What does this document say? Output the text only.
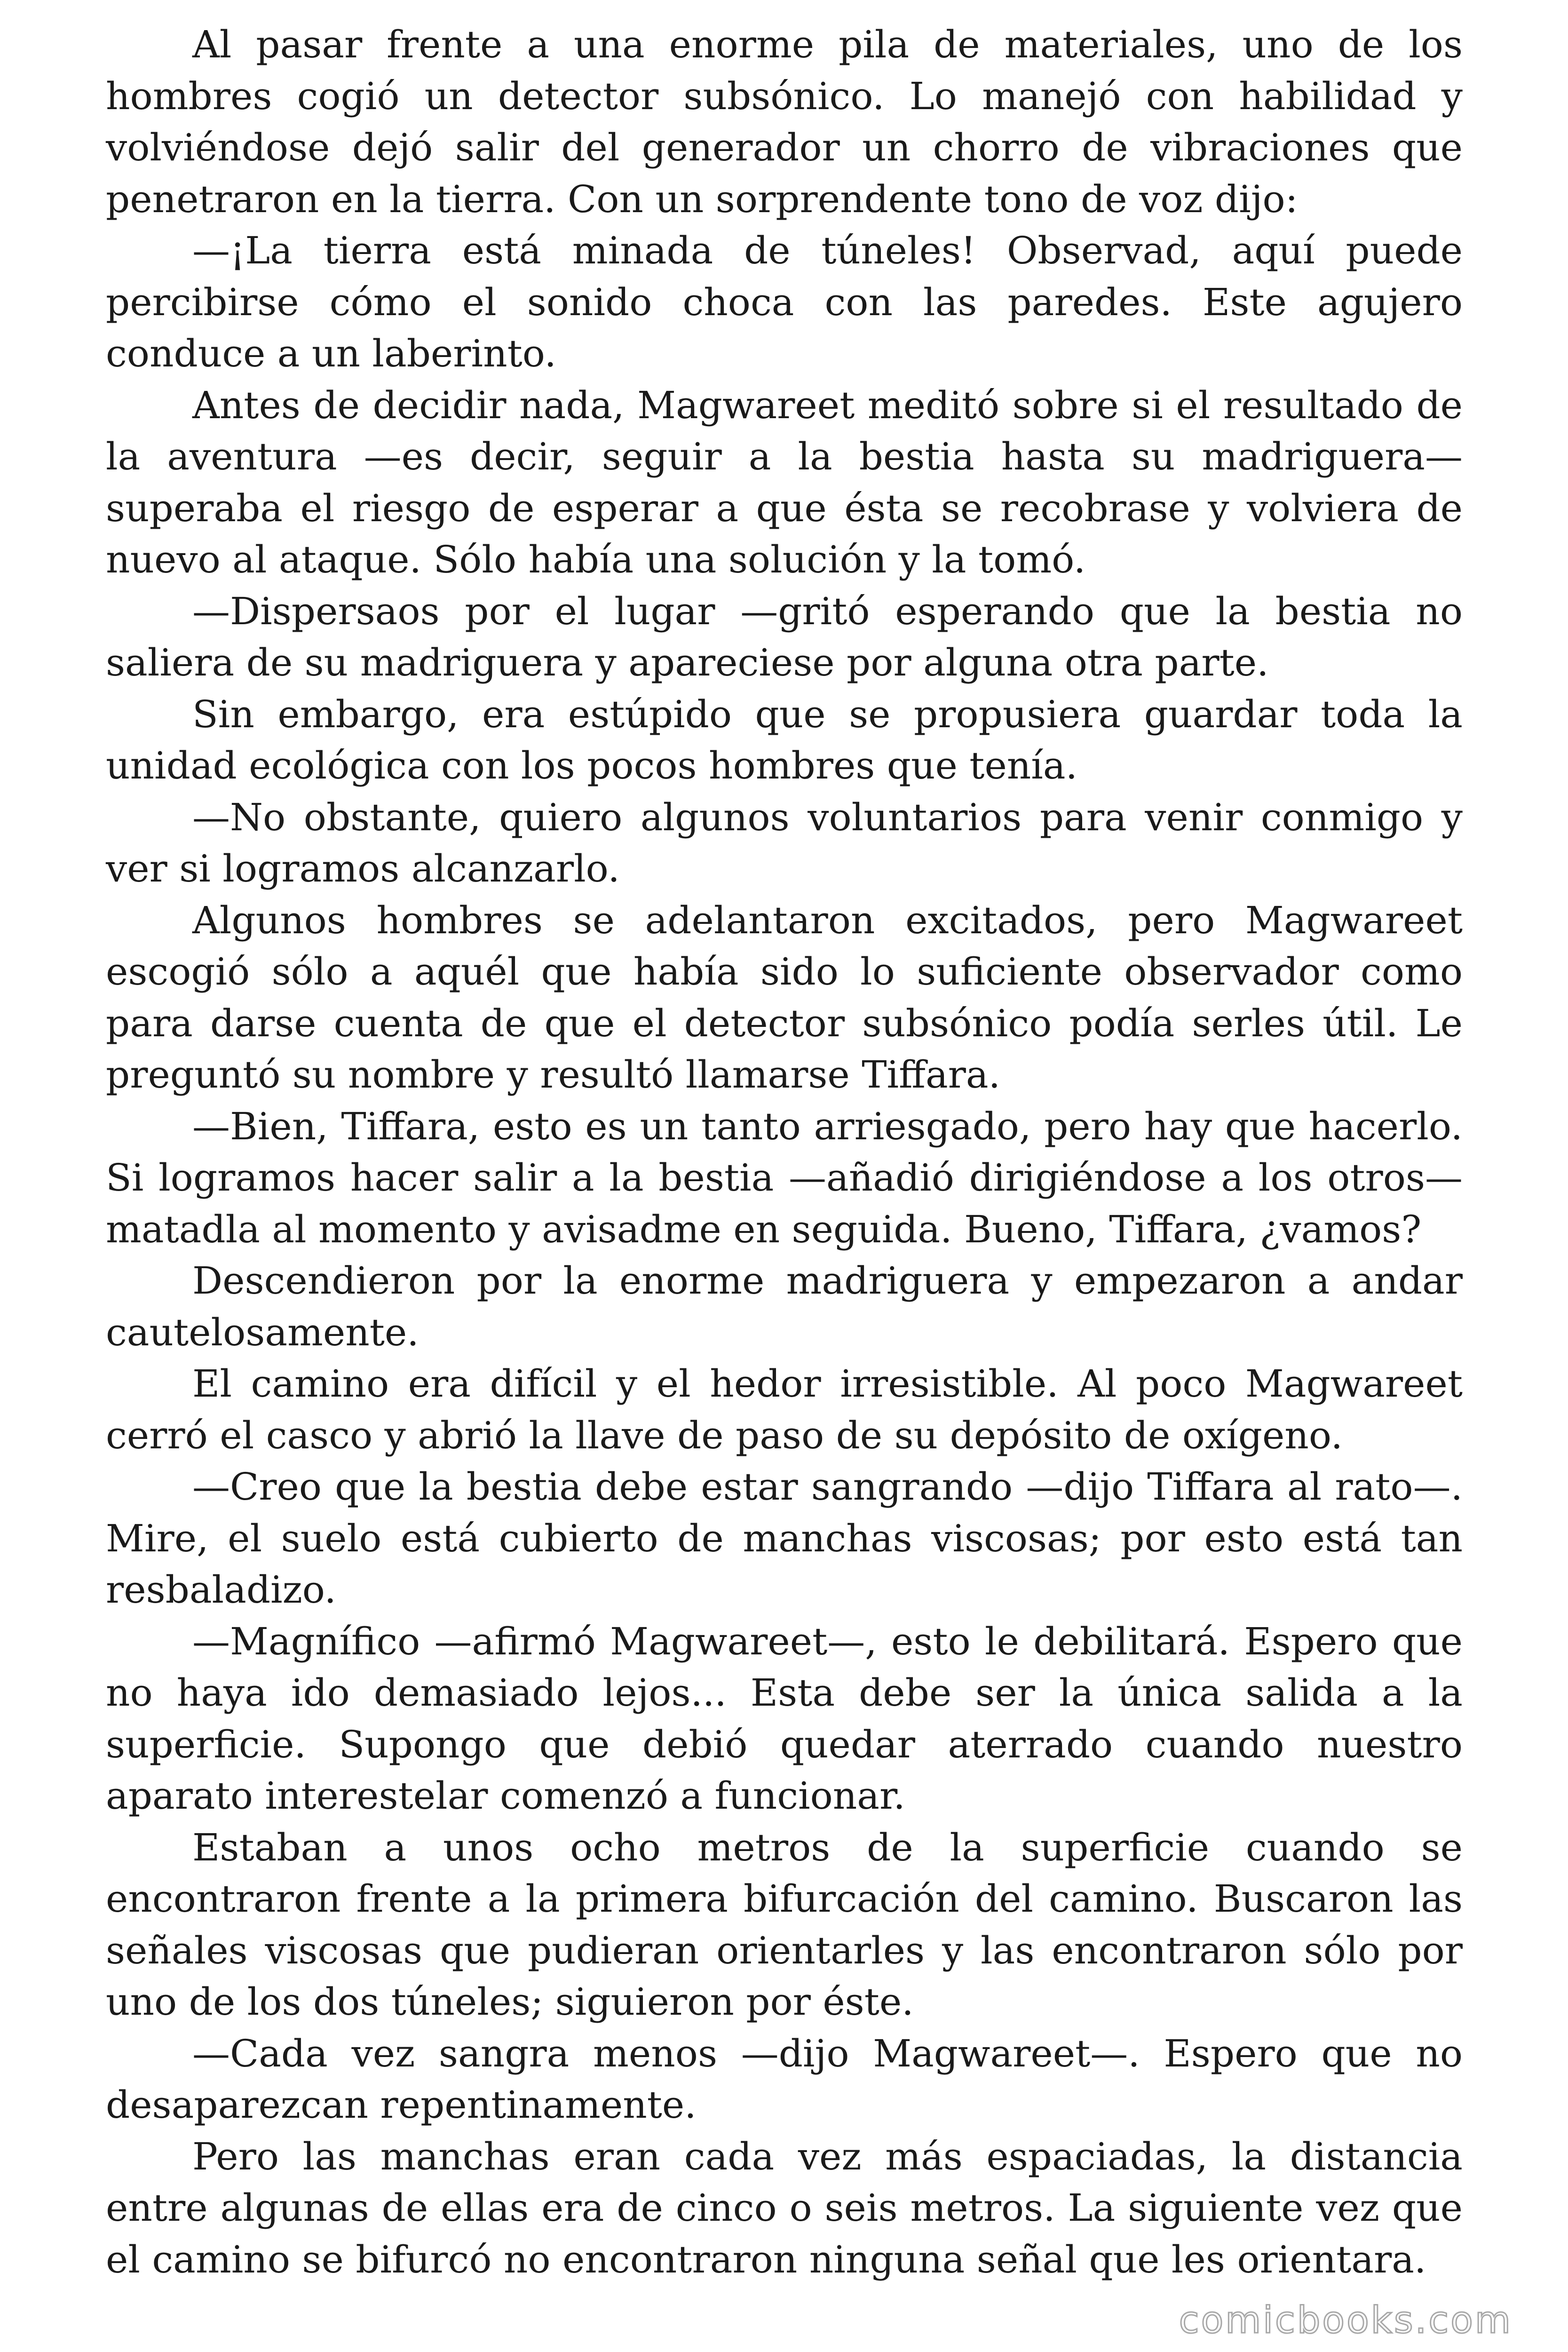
Al pasar frente a una enorme pila de materiales, uno de los hombres cogió un detector subsónico. Lo manejó con habilidad y volviéndose dejó salir del generador un chorro de vibraciones que penetraron en la tierra. Con un sorprendente tono de voz dijo:

—¡La tierra está minada de túneles! Observad, aquí puede percibirse cómo el sonido choca con las paredes. Este agujero conduce a un laberinto.

Antes de decidir nada, Magwareet meditó sobre si el resultado de la aventura —es decir, seguir a la bestia hasta su madriguera— superaba el riesgo de esperar a que ésta se recobrase y volviera de nuevo al ataque. Sólo había una solución y la tomó.

—Dispersaos por el lugar —gritó esperando que la bestia no saliera de su madriguera y apareciese por alguna otra parte.

Sin embargo, era estúpido que se propusiera guardar toda la unidad ecológica con los pocos hombres que tenía.

—No obstante, quiero algunos voluntarios para venir conmigo y ver si logramos alcanzarlo.

Algunos hombres se adelantaron excitados, pero Magwareet escogió sólo a aquél que había sido lo suficiente observador como para darse cuenta de que el detector subsónico podía serles útil. Le preguntó su nombre y resultó llamarse Tiffara.

—Bien, Tiffara, esto es un tanto arriesgado, pero hay que hacerlo. Si logramos hacer salir a la bestia —añadió dirigiéndose a los otros— matadla al momento y avisadme en seguida. Bueno, Tiffara, ¿vamos?

Descendieron por la enorme madriguera y empezaron a andar cautelosamente.

El camino era difícil y el hedor irresistible. Al poco Magwareet cerró el casco y abrió la llave de paso de su depósito de oxígeno.

—Creo que la bestia debe estar sangrando —dijo Tiffara al rato—. Mire, el suelo está cubierto de manchas viscosas; por esto está tan resbaladizo.

—Magnífico —afirmó Magwareet—, esto le debilitará. Espero que no haya ido demasiado lejos... Esta debe ser la única salida a la superficie. Supongo que debió quedar aterrado cuando nuestro aparato interestelar comenzó a funcionar.

Estaban a unos ocho metros de la superficie cuando se encontraron frente a la primera bifurcación del camino. Buscaron las señales viscosas que pudieran orientarles y las encontraron sólo por uno de los dos túneles; siguieron por éste.

—Cada vez sangra menos —dijo Magwareet—. Espero que no desaparezcan repentinamente.

Pero las manchas eran cada vez más espaciadas, la distancia entre algunas de ellas era de cinco o seis metros. La siguiente vez que el camino se bifurcó no encontraron ninguna señal que les orientara.

comicbooks.com
